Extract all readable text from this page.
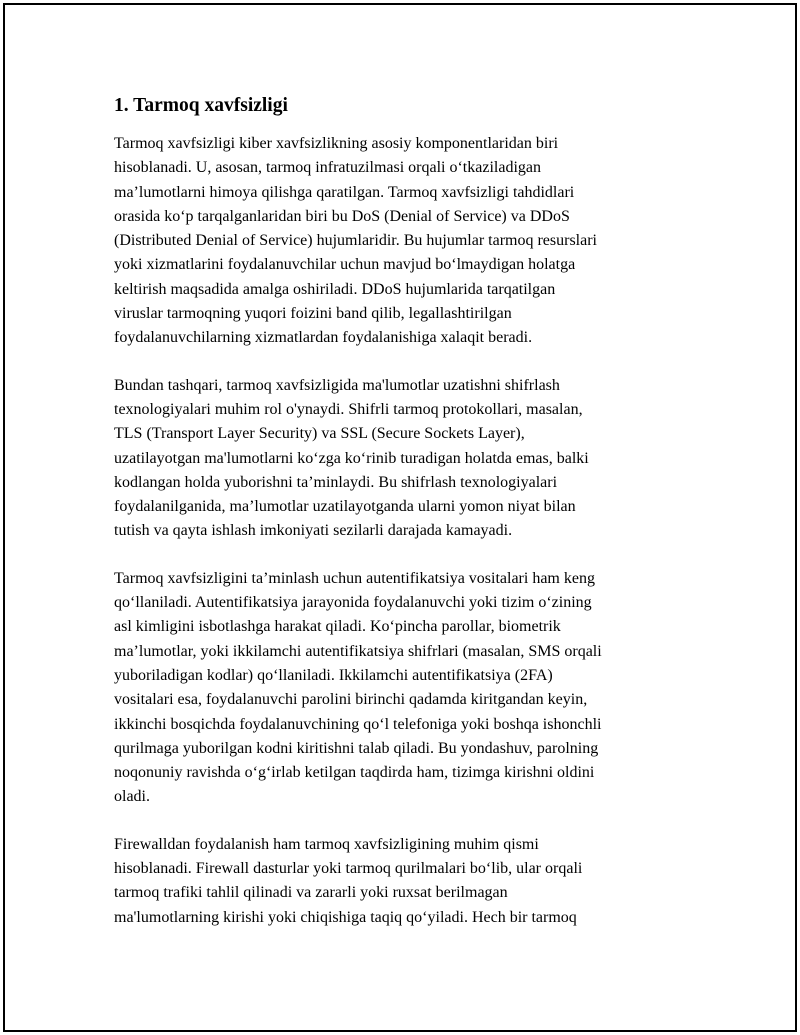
1. Tarmoq xavfsizligi
Tarmoq xavfsizligi kiber xavfsizlikning asosiy komponentlaridan biri
hisoblanadi. U, asosan, tarmoq infratuzilmasi orqali oʻtkaziladigan
maʼlumotlarni himoya qilishga qaratilgan. Tarmoq xavfsizligi tahdidlari
orasida koʻp tarqalganlaridan biri bu DoS (Denial of Service) va DDoS
(Distributed Denial of Service) hujumlaridir. Bu hujumlar tarmoq resurslari
yoki xizmatlarini foydalanuvchilar uchun mavjud boʻlmaydigan holatga
keltirish maqsadida amalga oshiriladi. DDoS hujumlarida tarqatilgan
viruslar tarmoqning yuqori foizini band qilib, legallashtirilgan
foydalanuvchilarning xizmatlardan foydalanishiga xalaqit beradi.
Bundan tashqari, tarmoq xavfsizligida ma'lumotlar uzatishni shifrlash
texnologiyalari muhim rol o'ynaydi. Shifrli tarmoq protokollari, masalan,
TLS (Transport Layer Security) va SSL (Secure Sockets Layer),
uzatilayotgan ma'lumotlarni koʻzga koʻrinib turadigan holatda emas, balki
kodlangan holda yuborishni taʼminlaydi. Bu shifrlash texnologiyalari
foydalanilganida, maʼlumotlar uzatilayotganda ularni yomon niyat bilan
tutish va qayta ishlash imkoniyati sezilarli darajada kamayadi.
Tarmoq xavfsizligini taʼminlash uchun autentifikatsiya vositalari ham keng
qoʻllaniladi. Autentifikatsiya jarayonida foydalanuvchi yoki tizim oʻzining
asl kimligini isbotlashga harakat qiladi. Koʻpincha parollar, biometrik
maʼlumotlar, yoki ikkilamchi autentifikatsiya shifrlari (masalan, SMS orqali
yuboriladigan kodlar) qoʻllaniladi. Ikkilamchi autentifikatsiya (2FA)
vositalari esa, foydalanuvchi parolini birinchi qadamda kiritgandan keyin,
ikkinchi bosqichda foydalanuvchining qoʻl telefoniga yoki boshqa ishonchli
qurilmaga yuborilgan kodni kiritishni talab qiladi. Bu yondashuv, parolning
noqonuniy ravishda oʻgʻirlab ketilgan taqdirda ham, tizimga kirishni oldini
oladi.
Firewalldan foydalanish ham tarmoq xavfsizligining muhim qismi
hisoblanadi. Firewall dasturlar yoki tarmoq qurilmalari boʻlib, ular orqali
tarmoq trafiki tahlil qilinadi va zararli yoki ruxsat berilmagan
ma'lumotlarning kirishi yoki chiqishiga taqiq qoʻyiladi. Hech bir tarmoq
